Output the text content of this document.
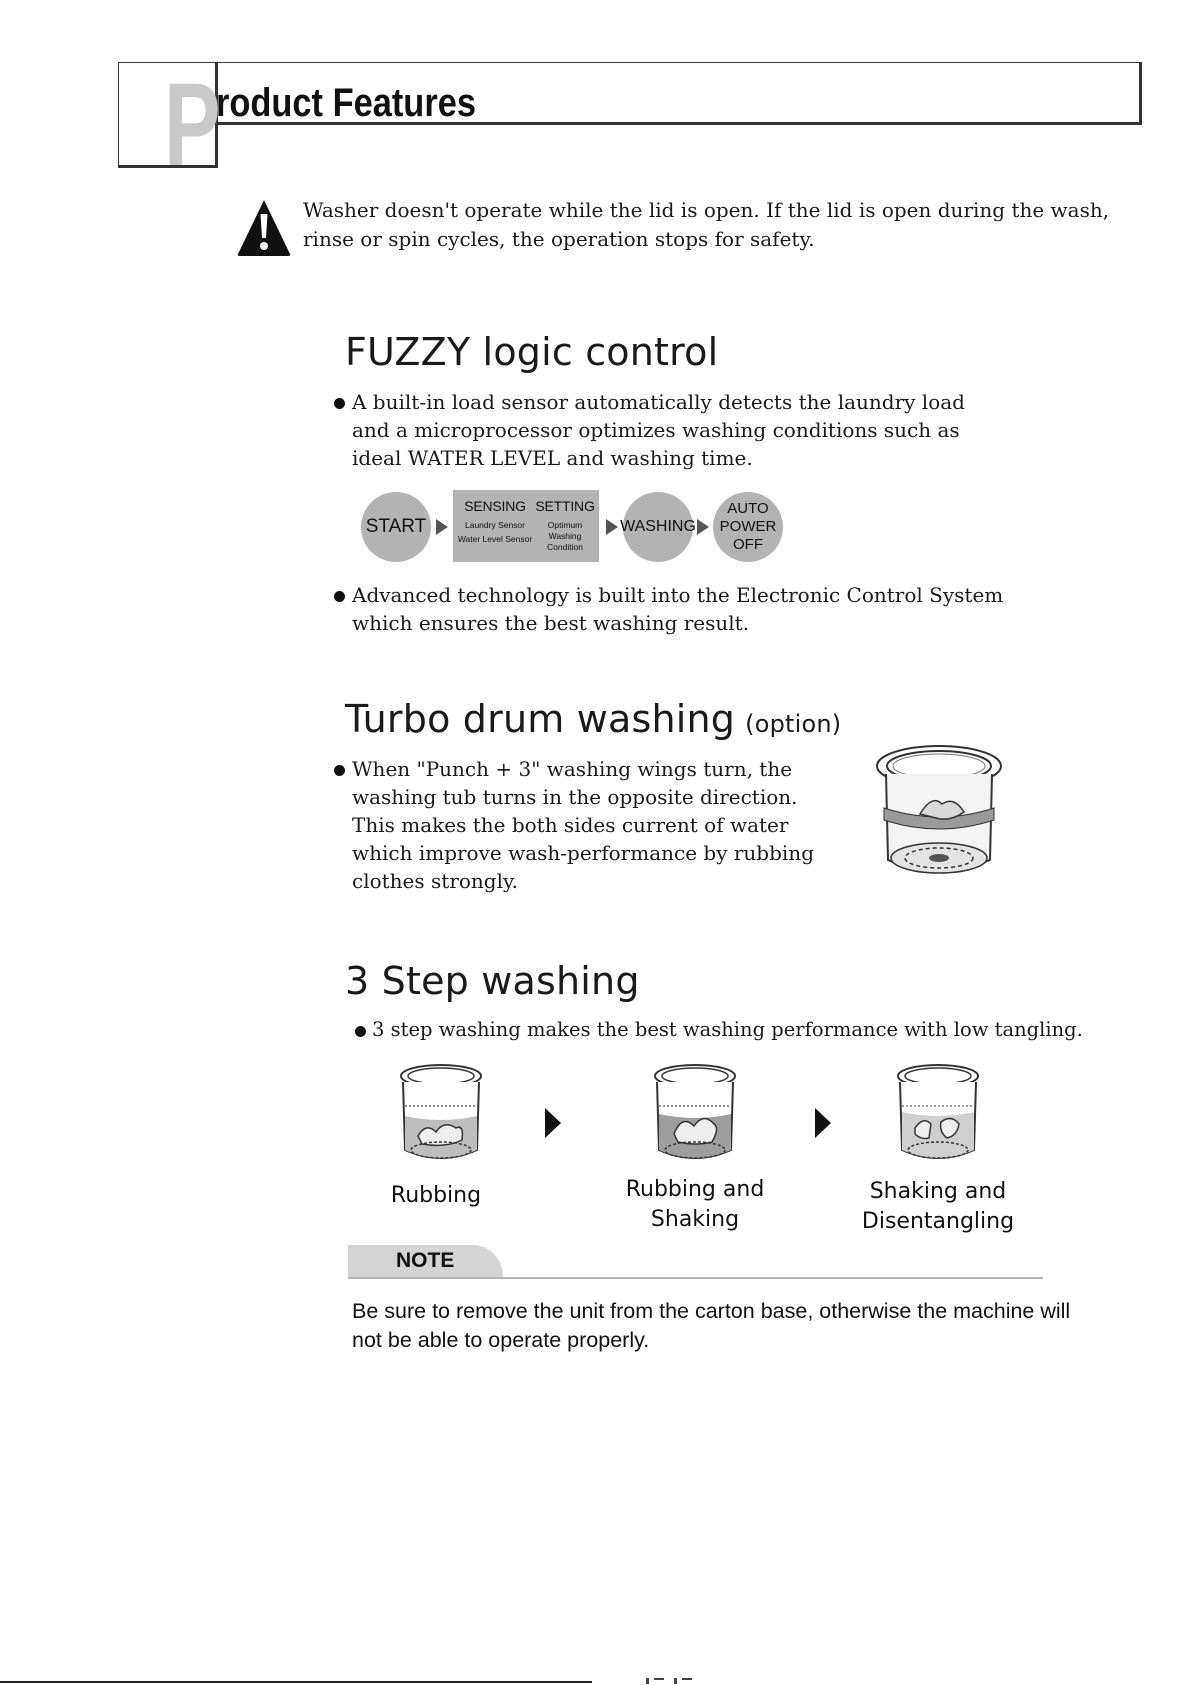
P
roduct Features
Washer doesn't operate while the lid is open. If the lid is open during the wash, rinse or spin cycles, the operation stops for safety.
FUZZY logic control
A built-in load sensor automatically detects the laundry load and a microprocessor optimizes washing conditions such as ideal WATER LEVEL and washing time.
START
SENSING
Laundry Sensor
Water Level Sensor
SETTING
Optimum
Washing
Condition
WASHING
AUTO
POWER
OFF
Advanced technology is built into the Electronic Control System which ensures the best washing result.
Turbo drum washing (option)
When "Punch + 3" washing wings turn, the washing tub turns in the opposite direction. This makes the both sides current of water which improve wash-performance by rubbing clothes strongly.
3 Step washing
3 step washing makes the best washing performance with low tangling.
Rubbing	Rubbing and
Shaking
Shaking and
Disentangling
NOTE
Be sure to remove the unit from the carton base, otherwise the machine will not be able to operate properly.
